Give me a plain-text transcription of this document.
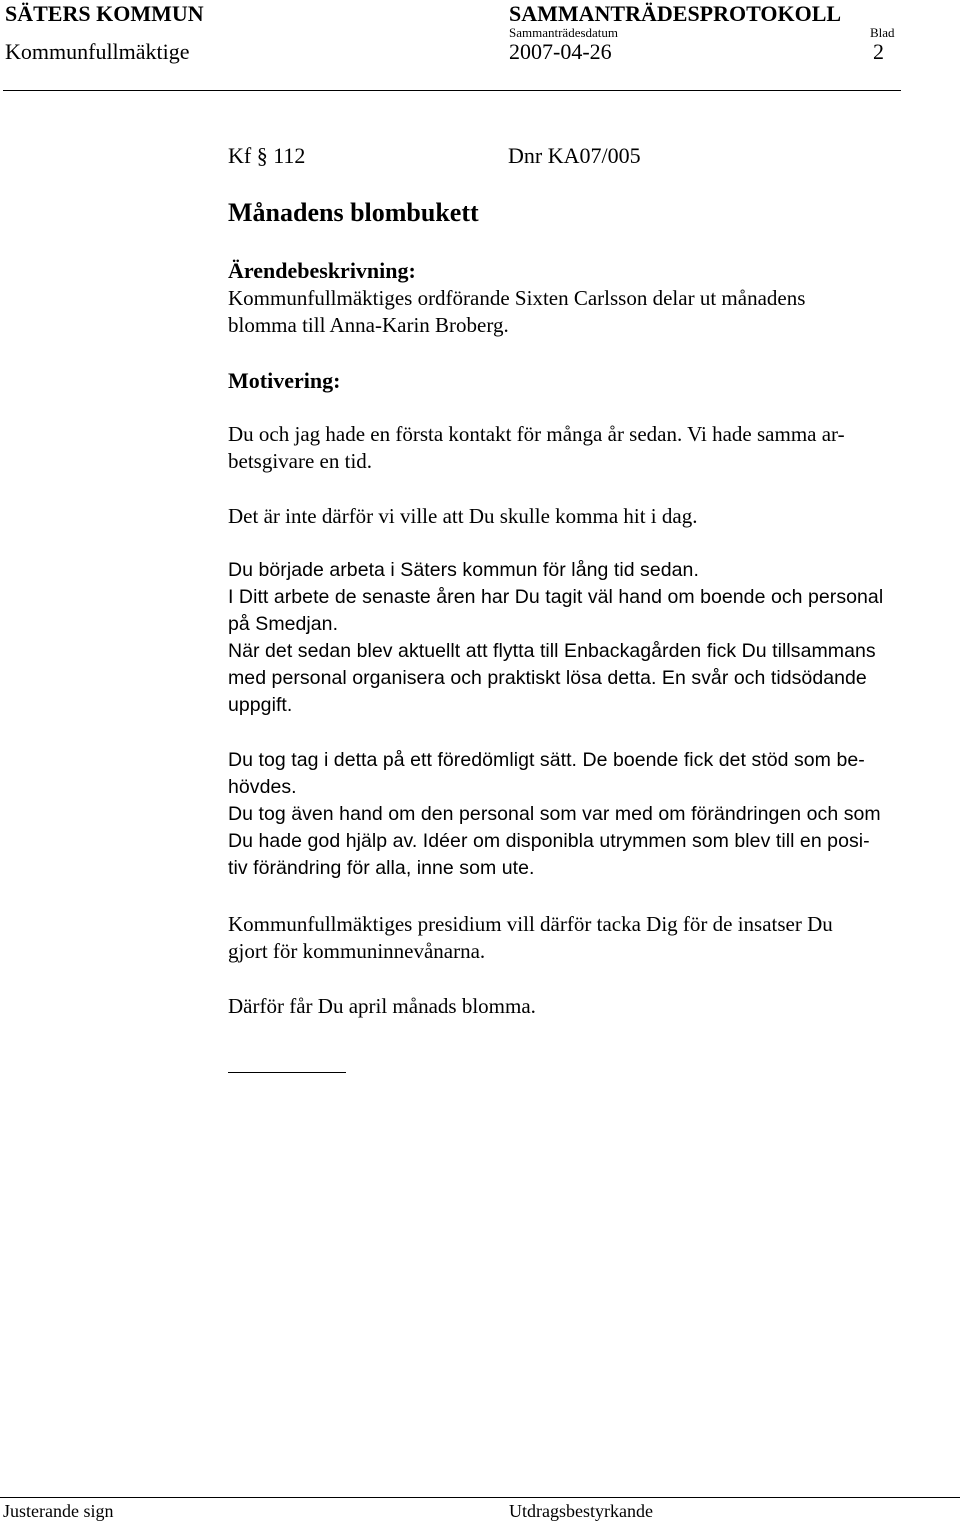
SÄTERS KOMMUN	SAMMANTRÄDESPROTOKOLL
Sammanträdesdatum	Blad
Kommunfullmäktige	2007-04-26	2
Kf § 112	Dnr KA07/005
Månadens blombukett
Ärendebeskrivning:
Kommunfullmäktiges ordförande Sixten Carlsson delar ut månadens
blomma till Anna-Karin Broberg.
Motivering:
Du och jag hade en första kontakt för många år sedan. Vi hade samma ar-
betsgivare en tid.
Det är inte därför vi ville att Du skulle komma hit i dag.
Du började arbeta i Säters kommun för lång tid sedan.
I Ditt arbete de senaste åren har Du tagit väl hand om boende och personal
på Smedjan.
När det sedan blev aktuellt att flytta till Enbackagården fick Du tillsammans
med personal organisera och praktiskt lösa detta. En svår och tidsödande
uppgift.
Du tog tag i detta på ett föredömligt sätt. De boende fick det stöd som be-
hövdes.
Du tog även hand om den personal som var med om förändringen och som
Du hade god hjälp av. Idéer om disponibla utrymmen som blev till en posi-
tiv förändring för alla, inne som ute.
Kommunfullmäktiges presidium vill därför tacka Dig för de insatser Du
gjort för kommuninnevånarna.
Därför får Du april månads blomma.
Justerande sign	Utdragsbestyrkande
